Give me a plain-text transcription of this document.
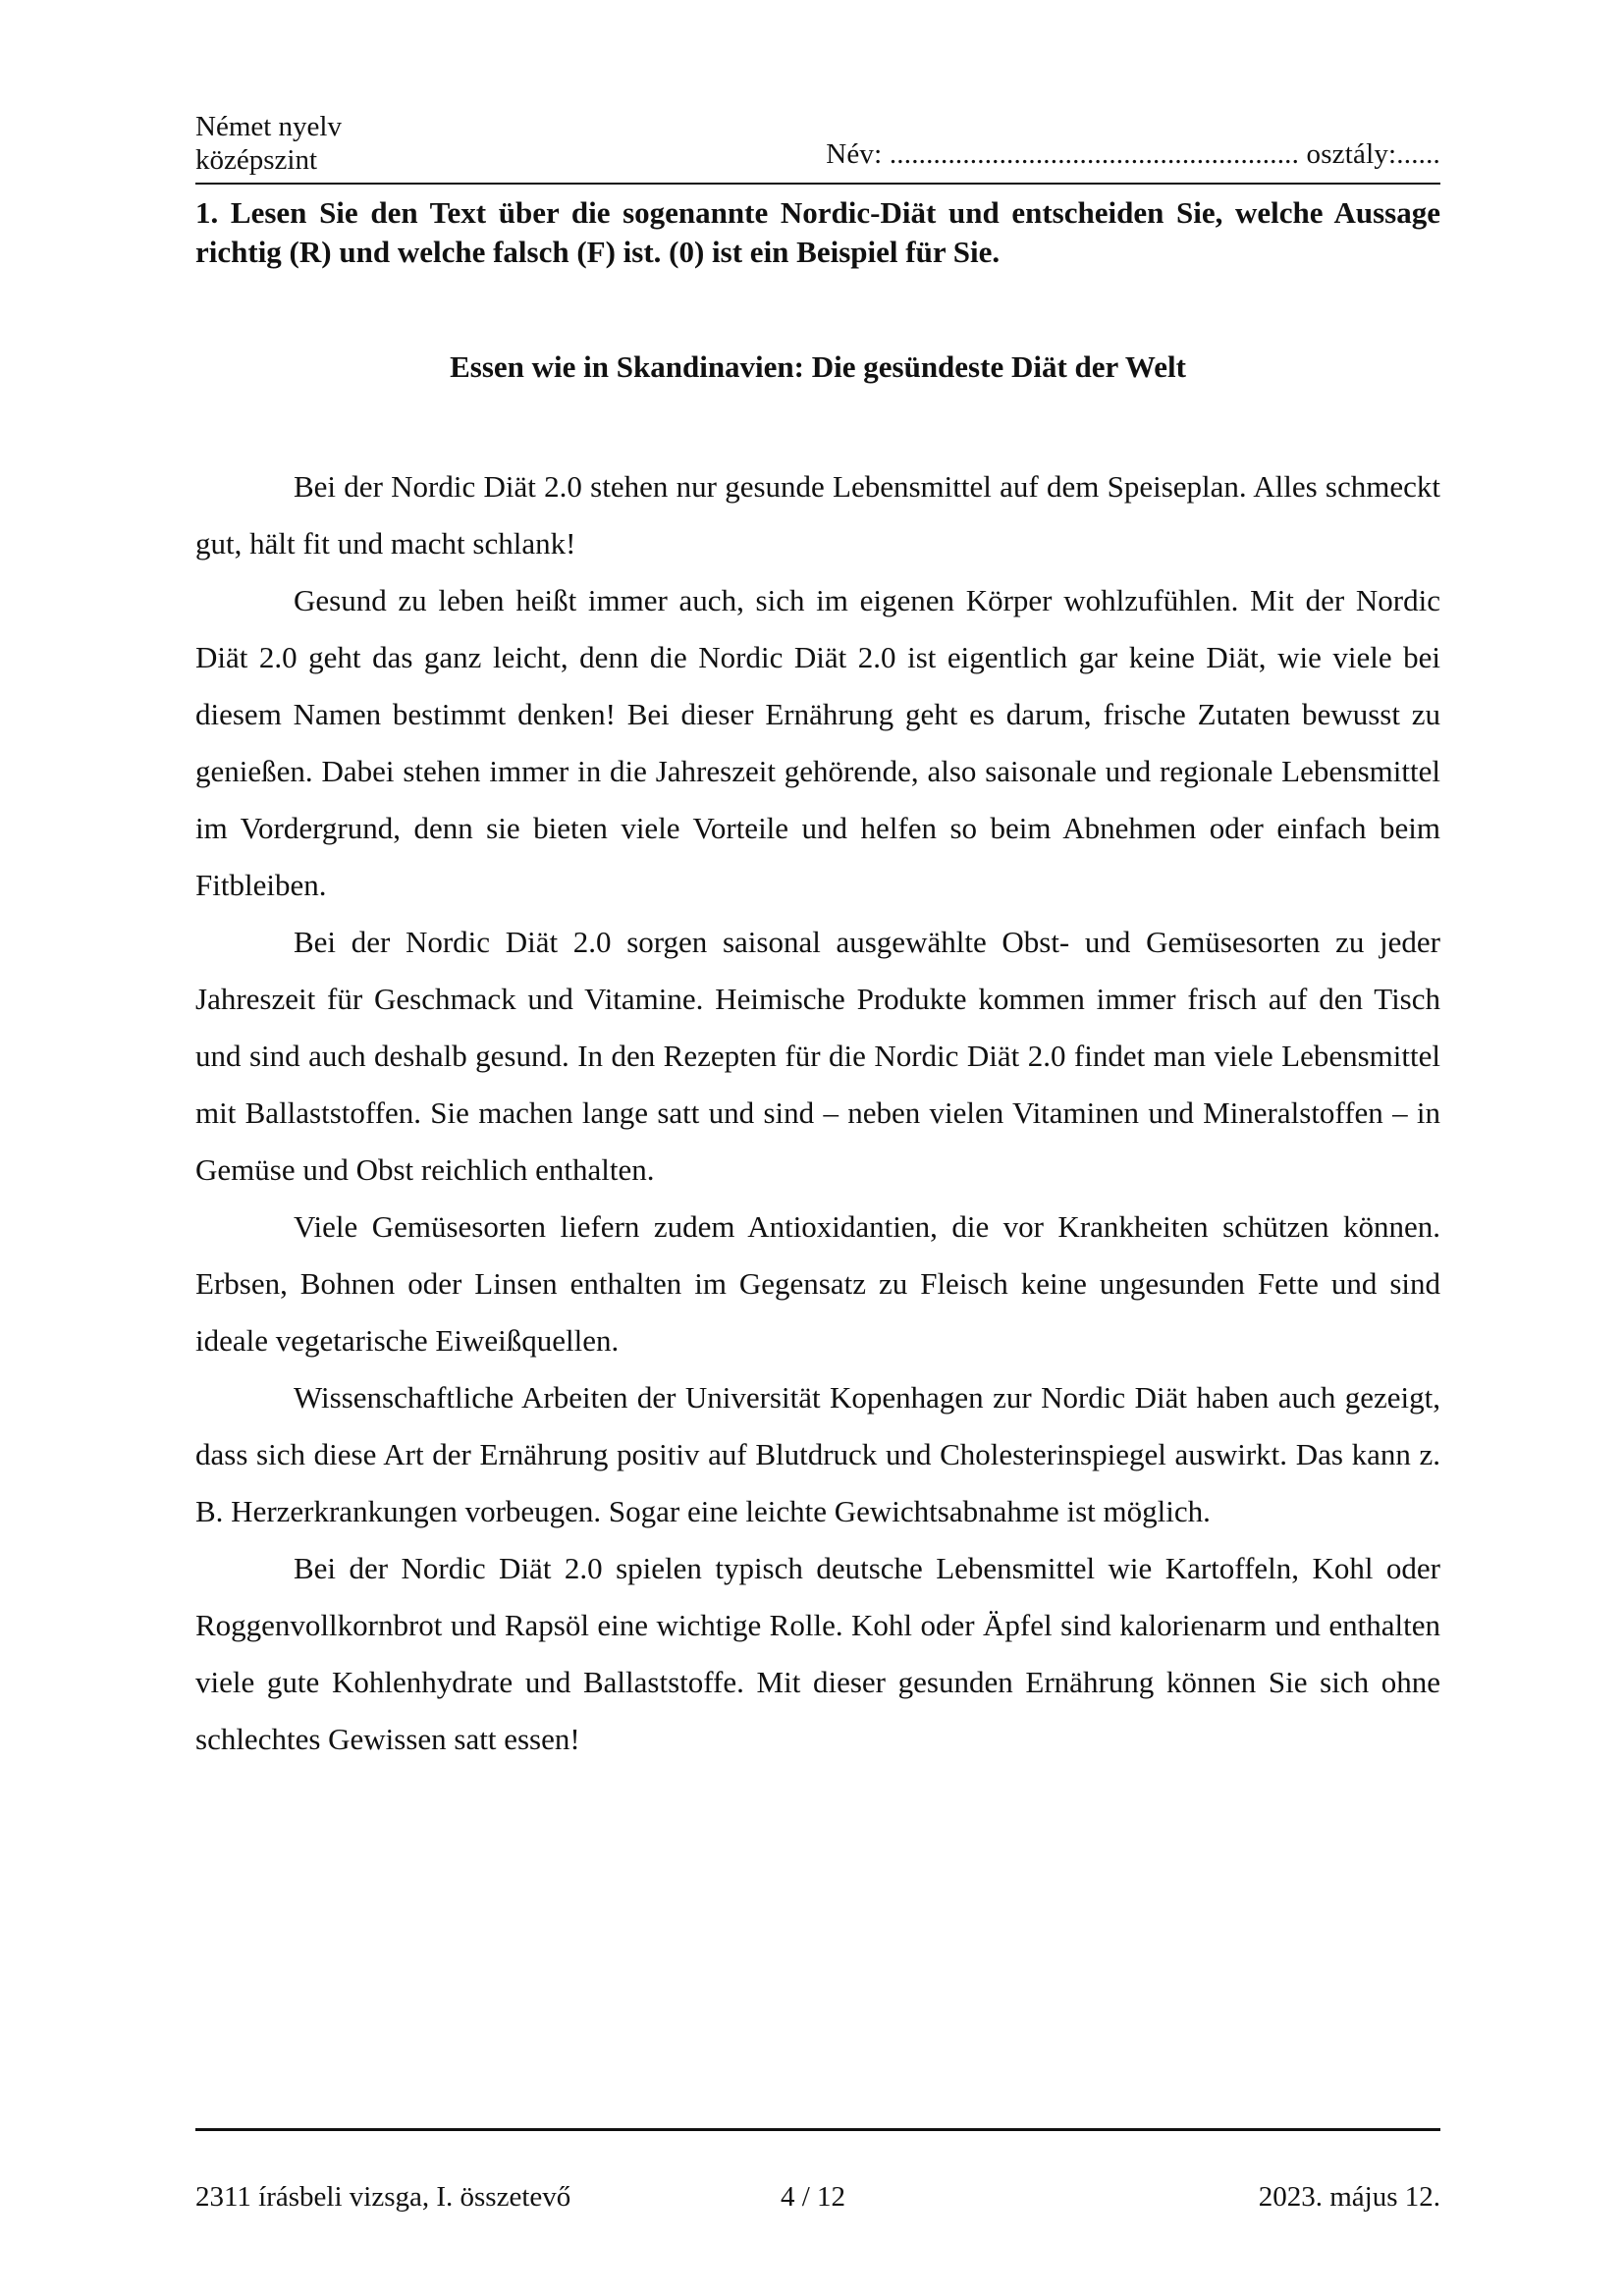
Német nyelv
középszint	Név: ........................................................ osztály:......
1. Lesen Sie den Text über die sogenannte Nordic-Diät und entscheiden Sie, welche Aussage richtig (R) und welche falsch (F) ist. (0) ist ein Beispiel für Sie.
Essen wie in Skandinavien: Die gesündeste Diät der Welt

Bei der Nordic Diät 2.0 stehen nur gesunde Lebensmittel auf dem Speiseplan. Alles schmeckt gut, hält fit und macht schlank!

Gesund zu leben heißt immer auch, sich im eigenen Körper wohlzufühlen. Mit der Nordic Diät 2.0 geht das ganz leicht, denn die Nordic Diät 2.0 ist eigentlich gar keine Diät, wie viele bei diesem Namen bestimmt denken! Bei dieser Ernährung geht es darum, frische Zutaten bewusst zu genießen. Dabei stehen immer in die Jahreszeit gehörende, also saisonale und regionale Lebensmittel im Vordergrund, denn sie bieten viele Vorteile und helfen so beim Abnehmen oder einfach beim Fitbleiben.

Bei der Nordic Diät 2.0 sorgen saisonal ausgewählte Obst- und Gemüsesorten zu jeder Jahreszeit für Geschmack und Vitamine. Heimische Produkte kommen immer frisch auf den Tisch und sind auch deshalb gesund. In den Rezepten für die Nordic Diät 2.0 findet man viele Lebensmittel mit Ballaststoffen. Sie machen lange satt und sind – neben vielen Vitaminen und Mineralstoffen – in Gemüse und Obst reichlich enthalten.

Viele Gemüsesorten liefern zudem Antioxidantien, die vor Krankheiten schützen können. Erbsen, Bohnen oder Linsen enthalten im Gegensatz zu Fleisch keine ungesunden Fette und sind ideale vegetarische Eiweißquellen.

Wissenschaftliche Arbeiten der Universität Kopenhagen zur Nordic Diät haben auch gezeigt, dass sich diese Art der Ernährung positiv auf Blutdruck und Cholesterinspiegel auswirkt. Das kann z. B. Herzerkrankungen vorbeugen. Sogar eine leichte Gewichtsabnahme ist möglich.

Bei der Nordic Diät 2.0 spielen typisch deutsche Lebensmittel wie Kartoffeln, Kohl oder Roggenvollkornbrot und Rapsöl eine wichtige Rolle. Kohl oder Äpfel sind kalorienarm und enthalten viele gute Kohlenhydrate und Ballaststoffe. Mit dieser gesunden Ernährung können Sie sich ohne schlechtes Gewissen satt essen!

2311 írásbeli vizsga, I. összetevő	4 / 12	2023. május 12.
